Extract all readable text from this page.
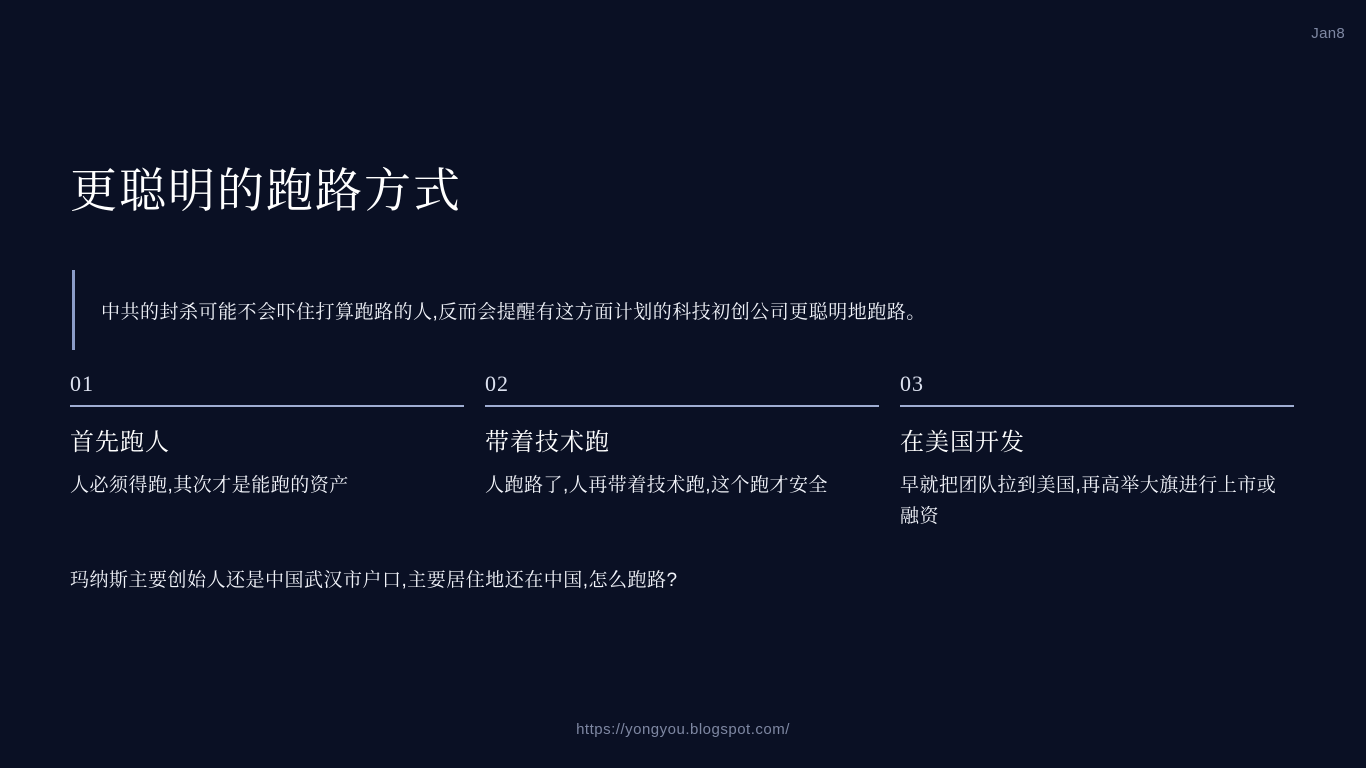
Jan8
更聪明的跑路方式
中共的封杀可能不会吓住打算跑路的人,反而会提醒有这方面计划的科技初创公司更聪明地跑路。
01
首先跑人
人必须得跑,其次才是能跑的资产
02
带着技术跑
人跑路了,人再带着技术跑,这个跑才安全
03
在美国开发
早就把团队拉到美国,再高举大旗进行上市或融资
玛纳斯主要创始人还是中国武汉市户口,主要居住地还在中国,怎么跑路?
https://yongyou.blogspot.com/
